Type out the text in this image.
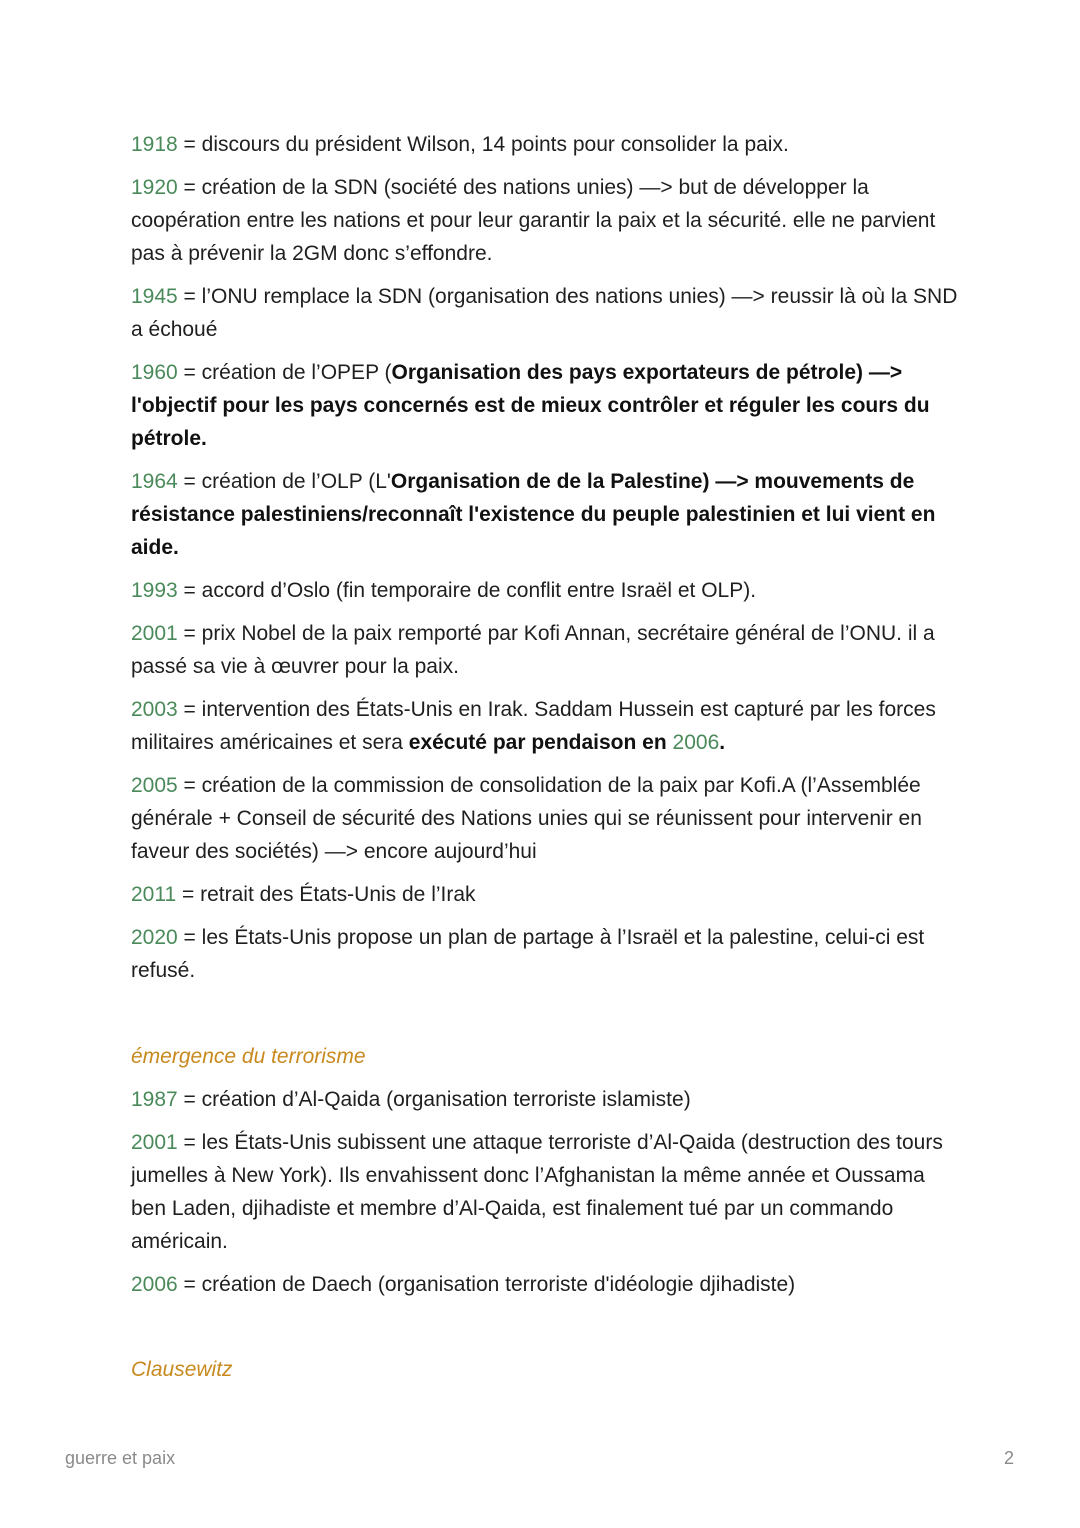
1918 = discours du président Wilson, 14 points pour consolider la paix.
1920 = création de la SDN (société des nations unies) —> but de développer la coopération entre les nations et pour leur garantir la paix et la sécurité. elle ne parvient pas à prévenir la 2GM donc s’effondre.
1945 = l’ONU remplace la SDN (organisation des nations unies) —> reussir là où la SND a échoué
1960 = création de l’OPEP (Organisation des pays exportateurs de pétrole) —> l'objectif pour les pays concernés est de mieux contrôler et réguler les cours du pétrole.
1964 = création de l’OLP (L'Organisation de de la Palestine) —> mouvements de résistance palestiniens/reconnaît l'existence du peuple palestinien et lui vient en aide.
1993 = accord d’Oslo (fin temporaire de conflit entre Israël et OLP).
2001 = prix Nobel de la paix remporté par Kofi Annan, secrétaire général de l’ONU. il a passé sa vie à œuvrer pour la paix.
2003 = intervention des États-Unis en Irak. Saddam Hussein est capturé par les forces militaires américaines et sera exécuté par pendaison en 2006.
2005 = création de la commission de consolidation de la paix par Kofi.A (l’Assemblée générale + Conseil de sécurité des Nations unies qui se réunissent pour intervenir en faveur des sociétés) —> encore aujourd’hui
2011 = retrait des États-Unis de l’Irak
2020 = les États-Unis propose un plan de partage à l’Israël et la palestine, celui-ci est refusé.
émergence du terrorisme
1987 = création d’Al-Qaida (organisation terroriste islamiste)
2001 = les États-Unis subissent une attaque terroriste d’Al-Qaida (destruction des tours jumelles à New York). Ils envahissent donc l’Afghanistan la même année et Oussama ben Laden, djihadiste et membre d’Al-Qaida, est finalement tué par un commando américain.
2006 = création de Daech (organisation terroriste d'idéologie djihadiste)
Clausewitz
guerre et paix	2
